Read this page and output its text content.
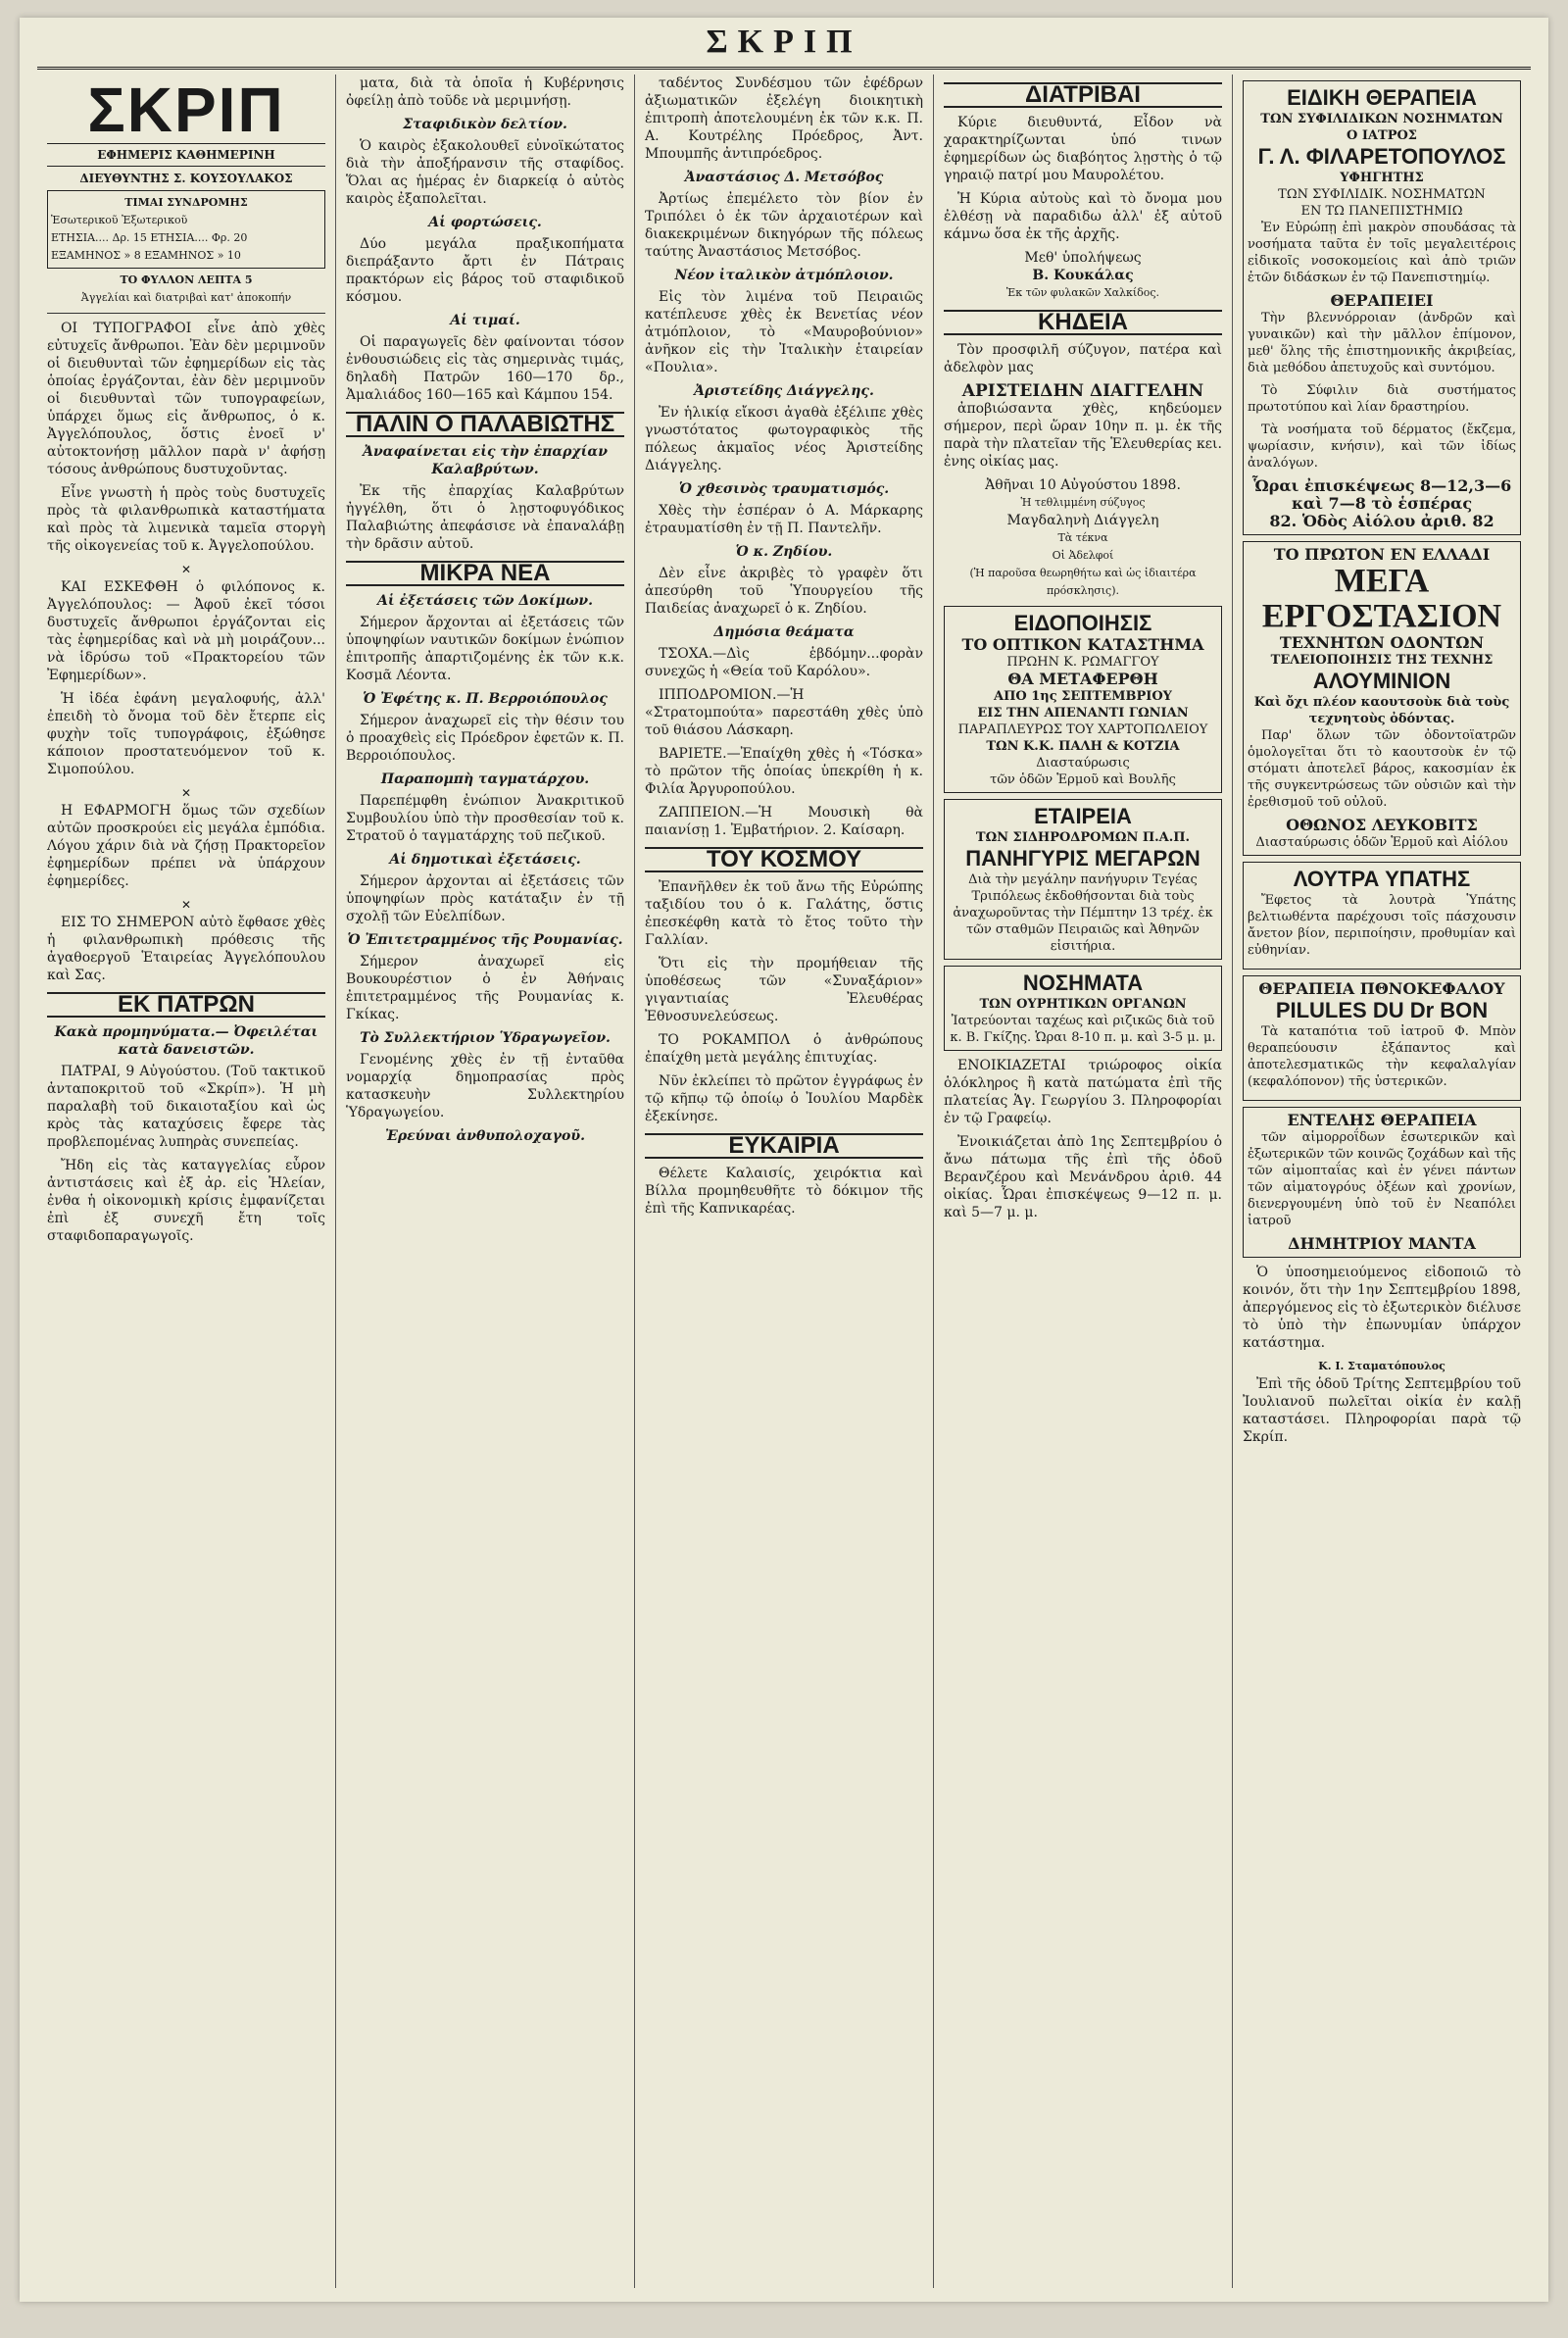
ΣΚΡΙΠ
ΣΚΡΙΠ
ΕΦΗΜΕΡΙΣ ΚΑΘΗΜΕΡΙΝΗ
ΔΙΕΥΘΥΝΤΗΣ Σ. ΚΟΥΣΟΥΛΑΚΟΣ
ΤΙΜΑΙ ΣΥΝΔΡΟΜΗΣ
Ἐσωτερικοῦ Ἐξωτερικοῦ
ΕΤΗΣΙΑ.... Δρ. 15 ΕΤΗΣΙΑ.... Φρ. 20
ΕΞΑΜΗΝΟΣ » 8 ΕΞΑΜΗΝΟΣ » 10
ΤΟ ΦΥΛΛΟΝ ΛΕΠΤΑ 5
Ἀγγελίαι καὶ διατριβαὶ κατ' ἀποκοπήν

ΟΙ ΤΥΠΟΓΡΑΦΟΙ εἶνε ἀπὸ χθὲς εὐτυχεῖς ἄνθρωποι. Ἐὰν δὲν μεριμνοῦν οἱ διευθυνταὶ τῶν ἐφημερίδων εἰς τὰς ὁποίας ἐργάζονται, ἐὰν δὲν μεριμνοῦν οἱ διευθυνταὶ τῶν τυπογραφείων, ὑπάρχει ὅμως εἰς ἄνθρωπος, ὁ κ. Ἀγγελόπουλος, ὅστις ἐνοεῖ ν' αὐτοκτονήσῃ μᾶλλον παρὰ ν' ἀφήσῃ τόσους ἀνθρώπους δυστυχοῦντας.

Εἶνε γνωστὴ ἡ πρὸς τοὺς δυστυχεῖς πρὸς τὰ φιλανθρωπικὰ καταστήματα καὶ πρὸς τὰ λιμενικὰ ταμεῖα στοργὴ τῆς οἰκογενείας τοῦ κ. Ἀγγελοπούλου.

✕

ΚΑΙ ΕΣΚΕΦΘΗ ὁ φιλόπονος κ. Ἀγγελόπουλος: — Ἀφοῦ ἐκεῖ τόσοι δυστυχεῖς ἄνθρωποι ἐργάζονται εἰς τὰς ἐφημερίδας καὶ νὰ μὴ μοιράζουν... νὰ ἱδρύσω τοῦ «Πρακτορείου τῶν Ἐφημερίδων».

Ἡ ἰδέα ἐφάνη μεγαλοφυής, ἀλλ' ἐπειδὴ τὸ ὄνομα τοῦ δὲν ἔτερπε εἰς φυχὴν τοῖς τυπογράφοις, ἐξώθησε κάποιον προστατευόμενον τοῦ κ. Σιμοπούλου.

✕

Η ΕΦΑΡΜΟΓΗ ὅμως τῶν σχεδίων αὐτῶν προσκρούει εἰς μεγάλα ἐμπόδια. Λόγου χάριν διὰ νὰ ζήσῃ Πρακτορεῖον ἐφημερίδων πρέπει νὰ ὑπάρχουν ἐφημερίδες.

✕

ΕΙΣ ΤΟ ΣΗΜΕΡΟΝ αὐτὸ ἔφθασε χθὲς ἡ φιλανθρωπικὴ πρόθεσις τῆς ἀγαθοεργοῦ Ἑταιρείας Ἀγγελόπουλου καὶ Σας.

ΕΚ ΠΑΤΡΩΝ
Κακὰ προμηνύματα.— Ὀφειλέται κατὰ δανειστῶν.

ΠΑΤΡΑΙ, 9 Αὐγούστου. (Τοῦ τακτικοῦ ἀνταποκριτοῦ τοῦ «Σκρίπ»). Ἡ μὴ παραλαβὴ τοῦ δικαιοταξίου καὶ ὡς κρὸς τὰς καταχύσεις ἔφερε τὰς προβλεπομένας λυπηρὰς συνεπείας.

Ἤδη εἰς τὰς καταγγελίας εὗρον ἀντιστάσεις καὶ ἐξ ἀρ. εἰς Ἠλείαν, ἐνθα ἡ οἰκονομικὴ κρίσις ἐμφανίζεται ἐπὶ ἐξ συνεχῆ ἔτη τοῖς σταφιδοπαραγωγοῖς.

ματα, διὰ τὰ ὁποῖα ἡ Κυβέρνησις ὀφείλῃ ἀπὸ τοῦδε νὰ μεριμνήσῃ.

Σταφιδικὸν δελτίον.

Ὁ καιρὸς ἐξακολουθεῖ εὐνοϊκώτατος διὰ τὴν ἀποξήρανσιν τῆς σταφίδος. Ὅλαι ας ἡμέρας ἐν διαρκείᾳ ὁ αὐτὸς καιρὸς ἐξαπολεῖται.

Αἱ φορτώσεις.

Δύο μεγάλα πραξικοπήματα διεπράξαντο ἄρτι ἐν Πάτραις πρακτόρων εἰς βάρος τοῦ σταφιδικοῦ κόσμου.

Αἱ τιμαί.

Οἱ παραγωγεῖς δὲν φαίνονται τόσον ἐνθουσιώδεις εἰς τὰς σημερινὰς τιμάς, δηλαδὴ Πατρῶν 160—170 δρ., Ἀμαλιάδος 160—165 καὶ Κάμπου 154.

ΠΑΛΙΝ Ο ΠΑΛΑΒΙΩΤΗΣ
Ἀναφαίνεται εἰς τὴν ἐπαρχίαν Καλαβρύτων.

Ἐκ τῆς ἐπαρχίας Καλαβρύτων ἠγγέλθη, ὅτι ὁ λῃστοφυγόδικος Παλαβιώτης ἀπεφάσισε νὰ ἐπαναλάβῃ τὴν δρᾶσιν αὐτοῦ.

ΜΙΚΡΑ ΝΕΑ
Αἱ ἐξετάσεις τῶν Δοκίμων.

Σήμερον ἄρχονται αἱ ἐξετάσεις τῶν ὑποψηφίων ναυτικῶν δοκίμων ἐνώπιον ἐπιτροπῆς ἀπαρτιζομένης ἐκ τῶν κ.κ. Κοσμᾶ Λέοντα.

Ὁ Ἐφέτης κ. Π. Βερροιόπουλος

Σήμερον ἀναχωρεῖ εἰς τὴν θέσιν του ὁ προαχθεὶς εἰς Πρόεδρον ἐφετῶν κ. Π. Βερροιόπουλος.

Παραπομπὴ ταγματάρχου.

Παρεπέμφθη ἐνώπιον Ἀνακριτικοῦ Συμβουλίου ὑπὸ τὴν προσθεσίαν τοῦ κ. Στρατοῦ ὁ ταγματάρχης τοῦ πεζικοῦ.

Αἱ δημοτικαὶ ἐξετάσεις.

Σήμερον ἀρχονται αἱ ἐξετάσεις τῶν ὑποψηφίων πρὸς κατάταξιν ἐν τῇ σχολῇ τῶν Εὐελπίδων.

Ὁ Ἐπιτετραμμένος τῆς Ρουμανίας.

Σήμερον ἀναχωρεῖ εἰς Βουκουρέστιον ὁ ἐν Ἀθήναις ἐπιτετραμμένος τῆς Ρουμανίας κ. Γκίκας.

Τὸ Συλλεκτήριον Ὑδραγωγεῖον.

Γενομένης χθὲς ἐν τῇ ἐνταῦθα νομαρχίᾳ δημοπρασίας πρὸς κατασκευὴν Συλλεκτηρίου Ὑδραγωγείου.

Ἐρεύναι ἀνθυπολοχαγοῦ.

ταδέντος Συνδέσμου τῶν ἐφέδρων ἀξιωματικῶν ἐξελέγη διοικητικὴ ἐπιτροπὴ ἀποτελουμένη ἐκ τῶν κ.κ. Π. Α. Κουτρέλης Πρόεδρος, Ἀντ. Μπουμπῆς ἀντιπρόεδρος.

Ἀναστάσιος Δ. Μετσόβος

Ἀρτίως ἐπεμέλετο τὸν βίον ἐν Τριπόλει ὁ ἐκ τῶν ἀρχαιοτέρων καὶ διακεκριμένων δικηγόρων τῆς πόλεως ταύτης Ἀναστάσιος Μετσόβος.

Νέον ἰταλικὸν ἀτμόπλοιον.

Εἰς τὸν λιμένα τοῦ Πειραιῶς κατέπλευσε χθὲς ἐκ Βενετίας νέον ἀτμόπλοιον, τὸ «Μαυροβούνιον» ἀνῆκον εἰς τὴν Ἰταλικὴν ἑταιρείαν «Πουλια».

Ἀριστείδης Διάγγελης.

Ἐν ἡλικίᾳ εἴκοσι ἀγαθὰ ἐξέλιπε χθὲς γνωστότατος φωτογραφικὸς τῆς πόλεως ἀκμαῖος νέος Ἀριστείδης Διάγγελης.

Ὁ χθεσινὸς τραυματισμός.

Χθὲς τὴν ἑσπέραν ὁ Α. Μάρκαρης ἐτραυματίσθη ἐν τῇ Π. Παντελῆν.

Ὁ κ. Ζηδίου.

Δὲν εἶνε ἀκριβὲς τὸ γραφὲν ὅτι ἀπεσύρθη τοῦ Ὑπουργείου τῆς Παιδείας ἀναχωρεῖ ὁ κ. Ζηδίου.

Δημόσια θεάματα

ΤΣΟΧΑ.—Δὶς ἑβδόμην...φορὰν συνεχῶς ἡ «Θεία τοῦ Καρόλου».

ΙΠΠΟΔΡΟΜΙΟΝ.—Ἡ «Στρατομπούτα» παρεστάθη χθὲς ὑπὸ τοῦ θιάσου Λάσκαρη.

ΒΑΡΙΕΤΕ.—Ἐπαίχθη χθὲς ἡ «Τόσκα» τὸ πρῶτον τῆς ὁποίας ὑπεκρίθη ἡ κ. Φιλία Ἀργυροπούλου.

ΖΑΠΠΕΙΟΝ.—Ἡ Μουσικὴ θὰ παιανίσῃ 1. Ἐμβατήριον. 2. Καίσαρη.

ΤΟΥ ΚΟΣΜΟΥ

Ἐπανῆλθεν ἐκ τοῦ ἄνω τῆς Εὐρώπης ταξιδίου του ὁ κ. Γαλάτης, ὅστις ἐπεσκέφθη κατὰ τὸ ἔτος τοῦτο τὴν Γαλλίαν.

Ὅτι εἰς τὴν προμήθειαν τῆς ὑποθέσεως τῶν «Συναξάριον» γιγαντιαίας Ἐλευθέρας Ἐθνοσυνελεύσεως.

ΤΟ ΡΟΚΑΜΠΟΛ ὁ ἀνθρώπους ἐπαίχθη μετὰ μεγάλης ἐπιτυχίας.

Νῦν ἐκλείπει τὸ πρῶτον ἐγγράφως ἐν τῷ κῆπῳ τῷ ὁποίῳ ὁ Ἰουλίου Μαρδὲκ ἐξεκίνησε.

ΕΥΚΑΙΡΙΑ

Θέλετε Καλαισίς, χειρόκτια καὶ Βίλλα προμηθευθῆτε τὸ δόκιμον τῆς ἐπὶ τῆς Καπνικαρέας.

ΔΙΑΤΡΙΒΑΙ

Κύριε διευθυντά, Εἶδον νὰ χαρακτηρίζωνται ὑπό τινων ἐφημερίδων ὡς διαβόητος λῃστὴς ὁ τῷ γηραιῷ πατρί μου Μαυρολέτου.

Ἡ Κύρια αὐτοὺς καὶ τὸ ὄνομα μου ἐλθέσῃ νὰ παραδιδω ἀλλ' ἐξ αὐτοῦ κάμνω ὅσα ἐκ τῆς ἀρχῆς.

Μεθ' ὑπολήψεως
Β. Κουκάλας
Ἐκ τῶν φυλακῶν Χαλκίδος.
ΚΗΔΕΙΑ

Τὸν προσφιλῆ σύζυγον, πατέρα καὶ ἀδελφὸν μας

ΑΡΙΣΤΕΙΔΗΝ ΔΙΑΓΓΕΛΗΝ

ἀποβιώσαντα χθὲς, κηδεύομεν σήμερον, περὶ ὥραν 10ην π. μ. ἐκ τῆς παρὰ τὴν πλατεῖαν τῆς Ἑλευθερίας κει. ἐνης οἰκίας μας.

Ἀθῆναι 10 Αὐγούστου 1898.
Ἡ τεθλιμμένη σύζυγος
Μαγδαληνὴ Διάγγελη
Τὰ τέκνα
Οἱ Ἀδελφοί
(Ἡ παροῦσα θεωρηθήτω καὶ ὡς ἰδιαιτέρα πρόσκλησις).
ΕΙΔΟΠΟΙΗΣΙΣ
ΤΟ ΟΠΤΙΚΟΝ ΚΑΤΑΣΤΗΜΑ
ΠΡΩΗΝ Κ. ΡΩΜΑΓΓΟΥ
ΘΑ ΜΕΤΑΦΕΡΘΗ
ΑΠΟ 1ης ΣΕΠΤΕΜΒΡΙΟΥ
ΕΙΣ ΤΗΝ ΑΠΕΝΑΝΤΙ ΓΩΝΙΑΝ
ΠΑΡΑΠΛΕΥΡΩΣ ΤΟΥ ΧΑΡΤΟΠΩΛΕΙΟΥ
ΤΩΝ Κ.Κ. ΠΑΛΗ & ΚΟΤΖΙΑ
Διασταύρωσις
τῶν ὁδῶν Ἑρμοῦ καὶ Βουλῆς
ΕΤΑΙΡΕΙΑ
ΤΩΝ ΣΙΔΗΡΟΔΡΟΜΩΝ Π.Α.Π.
ΠΑΝΗΓΥΡΙΣ ΜΕΓΑΡΩΝ
Διὰ τὴν μεγάλην πανήγυριν Τεγέας Τριπόλεως ἐκδοθήσονται διὰ τοὺς ἀναχωροῦντας τὴν Πέμπτην 13 τρέχ. ἐκ τῶν σταθμῶν Πειραιῶς καὶ Ἀθηνῶν εἰσιτήρια.
ΝΟΣΗΜΑΤΑ
ΤΩΝ ΟΥΡΗΤΙΚΩΝ ΟΡΓΑΝΩΝ
Ἰατρεύονται ταχέως καὶ ριζικῶς διὰ τοῦ κ. Β. Γκίζης. Ὡραι 8-10 π. μ. καὶ 3-5 μ. μ.

ΕΝΟΙΚΙΑΖΕΤΑΙ τριώροφος οἰκία ὁλόκληρος ἢ κατὰ πατώματα ἐπὶ τῆς πλατείας Ἁγ. Γεωργίου 3. Πληροφορίαι ἐν τῷ Γραφείῳ.

Ἐνοικιάζεται ἀπὸ 1ης Σεπτεμβρίου ὁ ἄνω πάτωμα τῆς ἐπὶ τῆς ὁδοῦ Βερανζέρου καὶ Μενάνδρου ἀριθ. 44 οἰκίας. Ὧραι ἐπισκέψεως 9—12 π. μ. καὶ 5—7 μ. μ.

ΕΙΔΙΚΗ ΘΕΡΑΠΕΙΑ
ΤΩΝ ΣΥΦΙΛΙΔΙΚΩΝ ΝΟΣΗΜΑΤΩΝ
Ο ΙΑΤΡΟΣ
Γ. Λ. ΦΙΛΑΡΕΤΟΠΟΥΛΟΣ
ΥΦΗΓΗΤΗΣ
ΤΩΝ ΣΥΦΙΛΙΔΙΚ. ΝΟΣΗΜΑΤΩΝ
ΕΝ ΤΩ ΠΑΝΕΠΙΣΤΗΜΙΩ

Ἐν Εὐρώπῃ ἐπὶ μακρὸν σπουδάσας τὰ νοσήματα ταῦτα ἐν τοῖς μεγαλειτέροις εἰδικοῖς νοσοκομείοις καὶ ἀπὸ τριῶν ἐτῶν διδάσκων ἐν τῷ Πανεπιστημίῳ.

ΘΕΡΑΠΕΙΕΙ

Τὴν βλεννόρροιαν (ἀνδρῶν καὶ γυναικῶν) καὶ τὴν μᾶλλον ἐπίμονον, μεθ' ὅλης τῆς ἐπιστημονικῆς ἀκριβείας, διὰ μεθόδου ἀπετυχοῦς καὶ συντόμου.

Τὸ Σύφιλιν διὰ συστήματος πρωτοτύπου καὶ λίαν δραστηρίου.

Τὰ νοσήματα τοῦ δέρματος (ἔκζεμα, ψωρίασιν, κνήσιν), καὶ τῶν ἰδίως ἀναλόγων.

Ὧραι ἐπισκέψεως 8—12,3—6
καὶ 7—8 τὸ ἑσπέρας
82. Ὁδὸς Αἰόλου ἀριθ. 82
ΤΟ ΠΡΩΤΟΝ ΕΝ ΕΛΛΑΔΙ
ΜΕΓΑ ΕΡΓΟΣΤΑΣΙΟΝ
ΤΕΧΝΗΤΩΝ ΟΔΟΝΤΩΝ
ΤΕΛΕΙΟΠΟΙΗΣΙΣ ΤΗΣ ΤΕΧΝΗΣ
ΑΛΟΥΜΙΝΙΟΝ
Καὶ ὄχι πλέον καουτσοὺκ διὰ τοὺς τεχνητοὺς ὀδόντας.

Παρ' ὅλων τῶν ὀδοντοϊατρῶν ὁμολογεῖται ὅτι τὸ καουτσοὺκ ἐν τῷ στόματι ἀποτελεῖ βάρος, κακοσμίαν ἐκ τῆς συγκεντρώσεως τῶν οὐσιῶν καὶ τὴν ἐρεθισμοῦ τοῦ οὐλοῦ.

ΟΘΩΝΟΣ ΛΕΥΚΟΒΙΤΣ
Διασταύρωσις ὁδῶν Ἑρμοῦ καὶ Αἰόλου
ΛΟΥΤΡΑ ΥΠΑΤΗΣ

Ἔφετος τὰ λουτρὰ Ὑπάτης βελτιωθέντα παρέχουσι τοῖς πάσχουσιν ἄνετον βίον, περιποίησιν, προθυμίαν καὶ εὐθηνίαν.

ΘΕΡΑΠΕΙΑ ΠΘΝΟΚΕΦΑΛΟΥ
PILULES DU Dr BON

Τὰ καταπότια τοῦ ἰατροῦ Φ. Μπὸν θεραπεύουσιν ἐξάπαντος καὶ ἀποτελεσματικῶς τὴν κεφαλαλγίαν (κεφαλόπονον) τῆς ὑστερικῶν.

ΕΝΤΕΛΗΣ ΘΕΡΑΠΕΙΑ

τῶν αἱμορροΐδων ἐσωτερικῶν καὶ ἐξωτερικῶν τῶν κοινῶς ζοχάδων καὶ τῆς τῶν αἱμοπταΐας καὶ ἐν γένει πάντων τῶν αἱματογρόυς ὀξέων καὶ χρονίων, διενεργουμένη ὑπὸ τοῦ ἐν Νεαπόλει ἰατροῦ

ΔΗΜΗΤΡΙΟΥ ΜΑΝΤΑ

Ὁ ὑποσημειούμενος εἰδοποιῶ τὸ κοινόν, ὅτι τὴν 1ην Σεπτεμβρίου 1898, ἀπεργόμενος εἰς τὸ ἐξωτερικὸν διέλυσε τὸ ὑπὸ τὴν ἐπωνυμίαν ὑπάρχον κατάστημα.

Κ. Ι. Σταματόπουλος

Ἐπὶ τῆς ὁδοῦ Τρίτης Σεπτεμβρίου τοῦ Ἰουλιανοῦ πωλεῖται οἰκία ἐν καλῇ καταστάσει. Πληροφορίαι παρὰ τῷ Σκρίπ.
